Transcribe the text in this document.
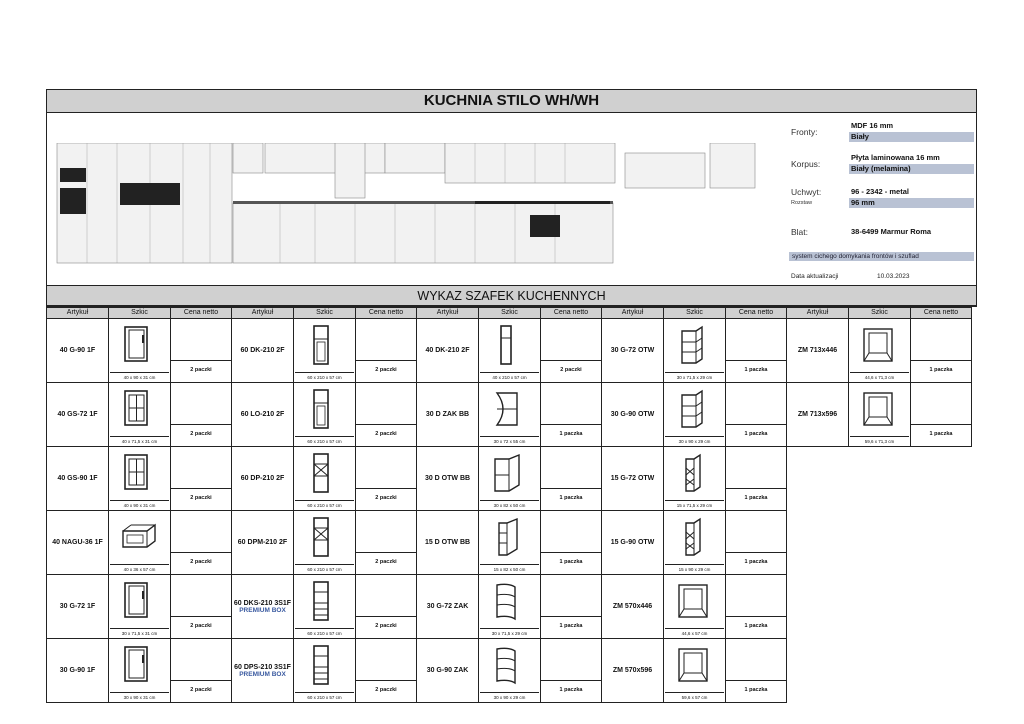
KUCHNIA STILO WH/WH
Fronty:
MDF 16 mm
Biały
Korpus:
Płyta laminowana 16 mm
Biały (melamina)
Uchwyt:	96 - 2342 - metal
Rozstaw	96 mm
Blat:	38-6499 Marmur Roma
system cichego domykania frontów i szuflad
Data aktualizacji	10.03.2023
WYKAZ SZAFEK KUCHENNYCH
Artykuł	Szkic	Cena netto	Artykuł	Szkic	Cena netto	Artykuł	Szkic	Cena netto	Artykuł	Szkic	Cena netto	Artykuł	Szkic	Cena netto
40 G-90 1F	40 x 90 x 31 cm	2 paczki	60 DK-210 2F	60 x 210 x 57 cm	2 paczki	40 DK-210 2F	40 x 210 x 57 cm	2 paczki	30 G-72 OTW	30 x 71,5 x 29 cm	1 paczka	ZM 713x446	44,6 x 71,3 cm	1 paczka

40 GS-72 1F	40 x 71,5 x 31 cm	2 paczki	60 LO-210 2F	60 x 210 x 57 cm	2 paczki	30 D ZAK BB	30 x 72 x 55 cm	1 paczka	30 G-90 OTW	30 x 90 x 29 cm	1 paczka	ZM 713x596	59,6 x 71,3 cm	1 paczka

40 GS-90 1F	40 x 90 x 31 cm	2 paczki	60 DP-210 2F	60 x 210 x 57 cm	2 paczki	30 D OTW BB	30 x 82 x 50 cm	1 paczka	15 G-72 OTW	15 x 71,5 x 29 cm	1 paczka			

40 NAGU-36 1F	40 x 36 x 57 cm	2 paczki	60 DPM-210 2F	60 x 210 x 57 cm	2 paczki	15 D OTW BB	15 x 82 x 50 cm	1 paczka	15 G-90 OTW	15 x 90 x 29 cm	1 paczka			

30 G-72 1F	30 x 71,5 x 31 cm	2 paczki	60 DKS-210 3S1F
PREMIUM BOX	60 x 210 x 57 cm	2 paczki	30 G-72 ZAK	30 x 71,5 x 29 cm	1 paczka	ZM 570x446	44,6 x 57 cm	1 paczka			

30 G-90 1F	30 x 90 x 31 cm	2 paczki	60 DPS-210 3S1F
PREMIUM BOX	60 x 210 x 57 cm	2 paczki	30 G-90 ZAK	30 x 90 x 29 cm	1 paczka	ZM 570x596	59,6 x 57 cm	1 paczka			
